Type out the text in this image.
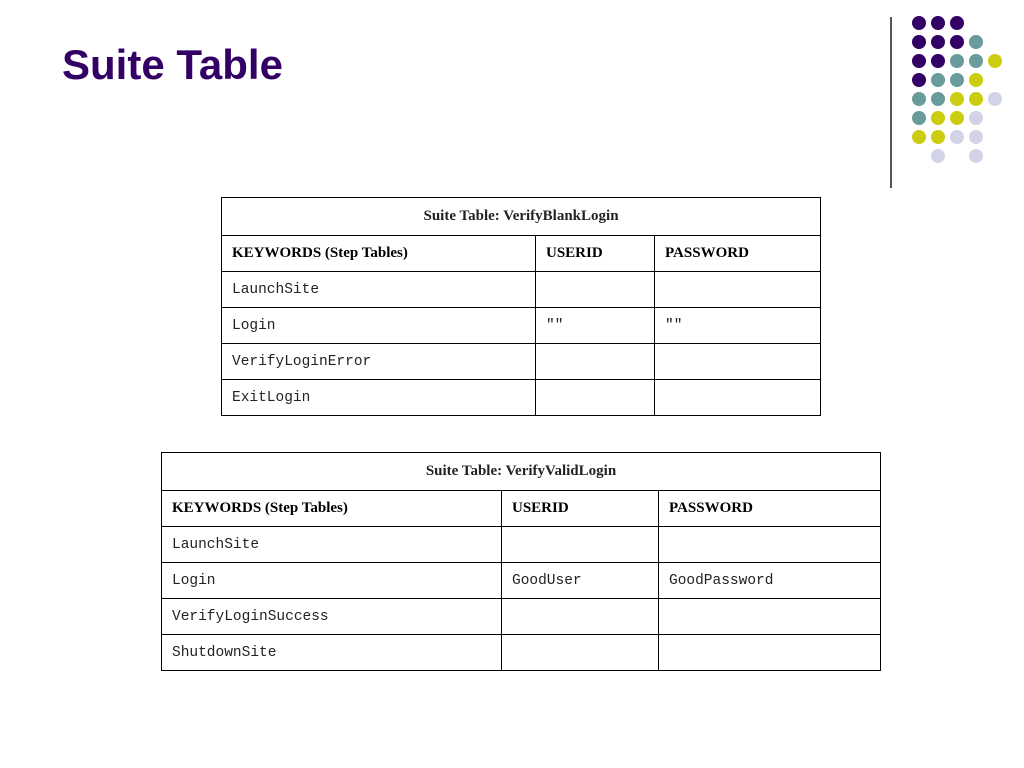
Suite Table
Suite Table: VerifyBlankLogin		
KEYWORDS (Step Tables)	USERID	PASSWORD
LaunchSite		
Login	""	""
VerifyLoginError		
ExitLogin		
Suite Table: VerifyValidLogin		
KEYWORDS (Step Tables)	USERID	PASSWORD
LaunchSite		
Login	GoodUser	GoodPassword
VerifyLoginSuccess		
ShutdownSite		
